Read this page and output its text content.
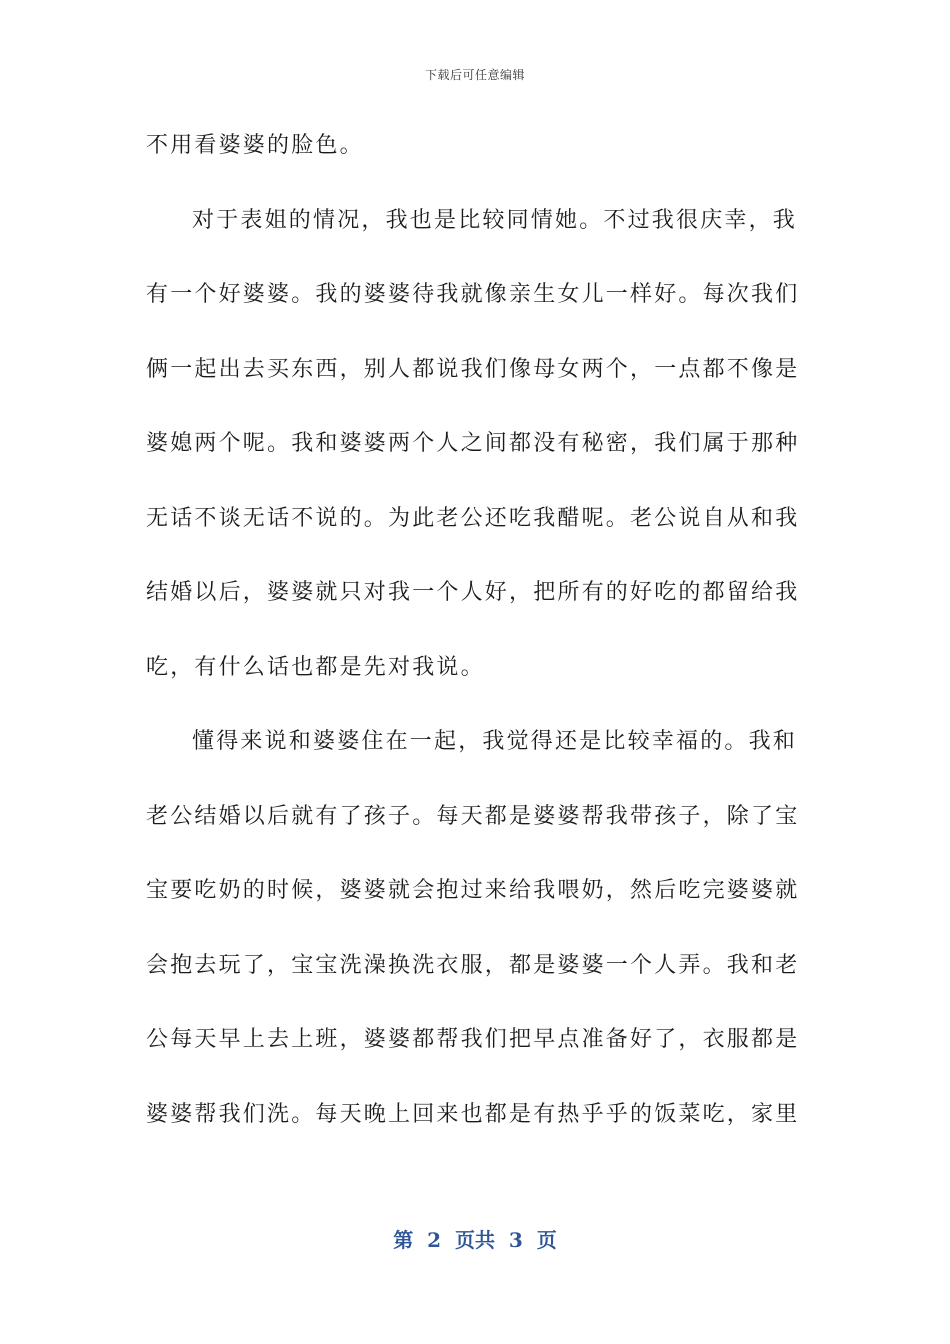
下载后可任意编辑
不用看婆婆的脸色。
对于表姐的情况，我也是比较同情她。不过我很庆幸，我
有一个好婆婆。我的婆婆待我就像亲生女儿一样好。每次我们
俩一起出去买东西，别人都说我们像母女两个，一点都不像是
婆媳两个呢。我和婆婆两个人之间都没有秘密，我们属于那种
无话不谈无话不说的。为此老公还吃我醋呢。老公说自从和我
结婚以后，婆婆就只对我一个人好，把所有的好吃的都留给我
吃，有什么话也都是先对我说。
懂得来说和婆婆住在一起，我觉得还是比较幸福的。我和
老公结婚以后就有了孩子。每天都是婆婆帮我带孩子，除了宝
宝要吃奶的时候，婆婆就会抱过来给我喂奶，然后吃完婆婆就
会抱去玩了，宝宝洗澡换洗衣服，都是婆婆一个人弄。我和老
公每天早上去上班，婆婆都帮我们把早点准备好了，衣服都是
婆婆帮我们洗。每天晚上回来也都是有热乎乎的饭菜吃，家里
第  2  页共  3  页
